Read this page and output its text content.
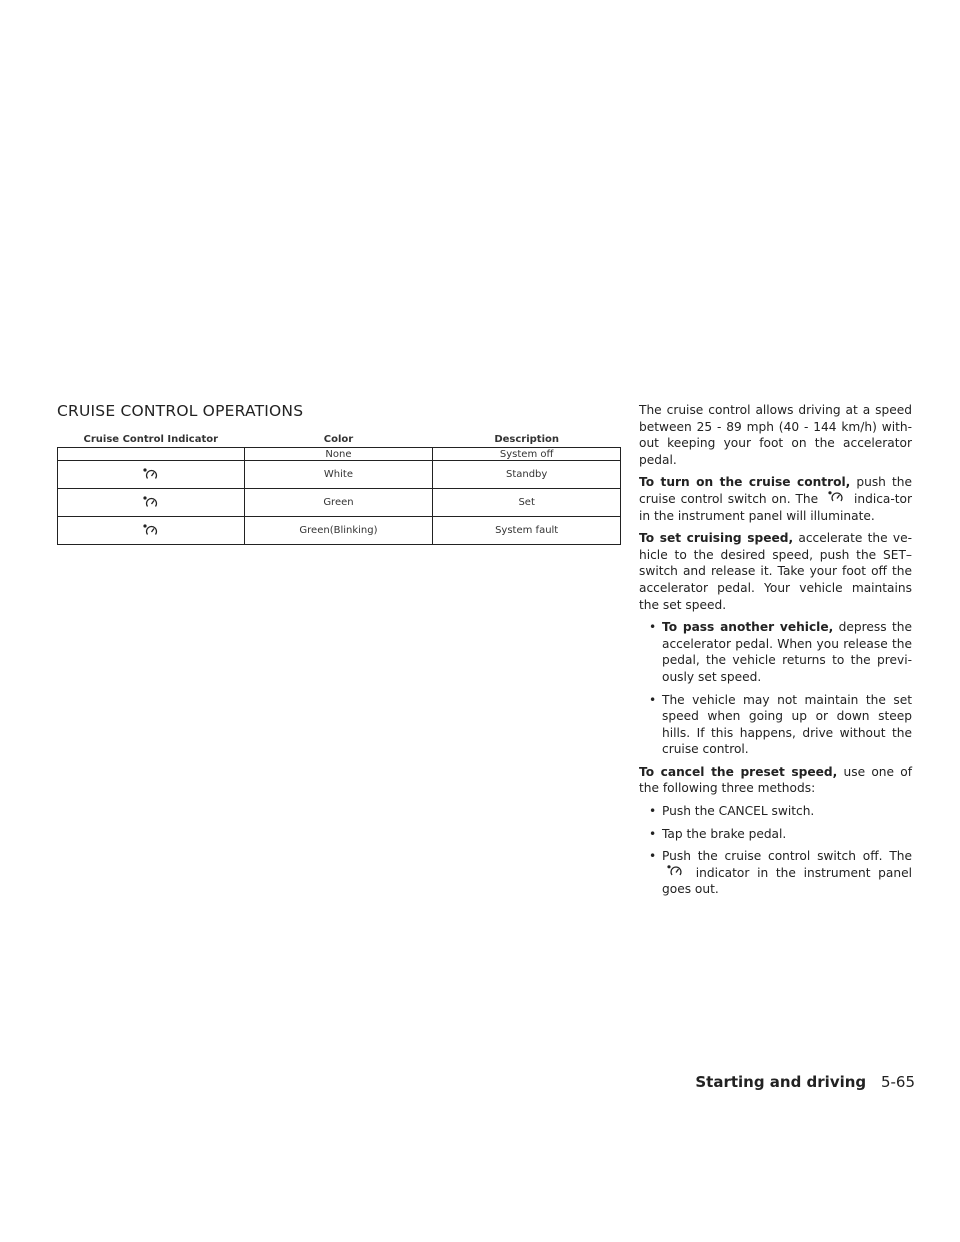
CRUISE CONTROL OPERATIONS
Cruise Control Indicator	Color	Description
	None	System off
	White	Standby
	Green	Set
	Green(Blinking)	System fault

The cruise control allows driving at a speed between 25 - 89 mph (40 - 144 km/h) with-out keeping your foot on the accelerator pedal.

To turn on the cruise control, push the cruise control switch on. The	indica-tor in the instrument panel will illuminate.

To set cruising speed, accelerate the ve-hicle to the desired speed, push the SET– switch and release it. Take your foot off the accelerator pedal. Your vehicle maintains the set speed.

• To pass another vehicle, depress the accelerator pedal. When you release the pedal, the vehicle returns to the previ-ously set speed.
• The vehicle may not maintain the set speed when going up or down steep hills. If this happens, drive without the cruise control.

To cancel the preset speed, use one of the following three methods:

• Push the CANCEL switch.
• Tap the brake pedal.
• Push the cruise control switch off. The  indicator in the instrument panel goes out.
Starting and driving 5-65
